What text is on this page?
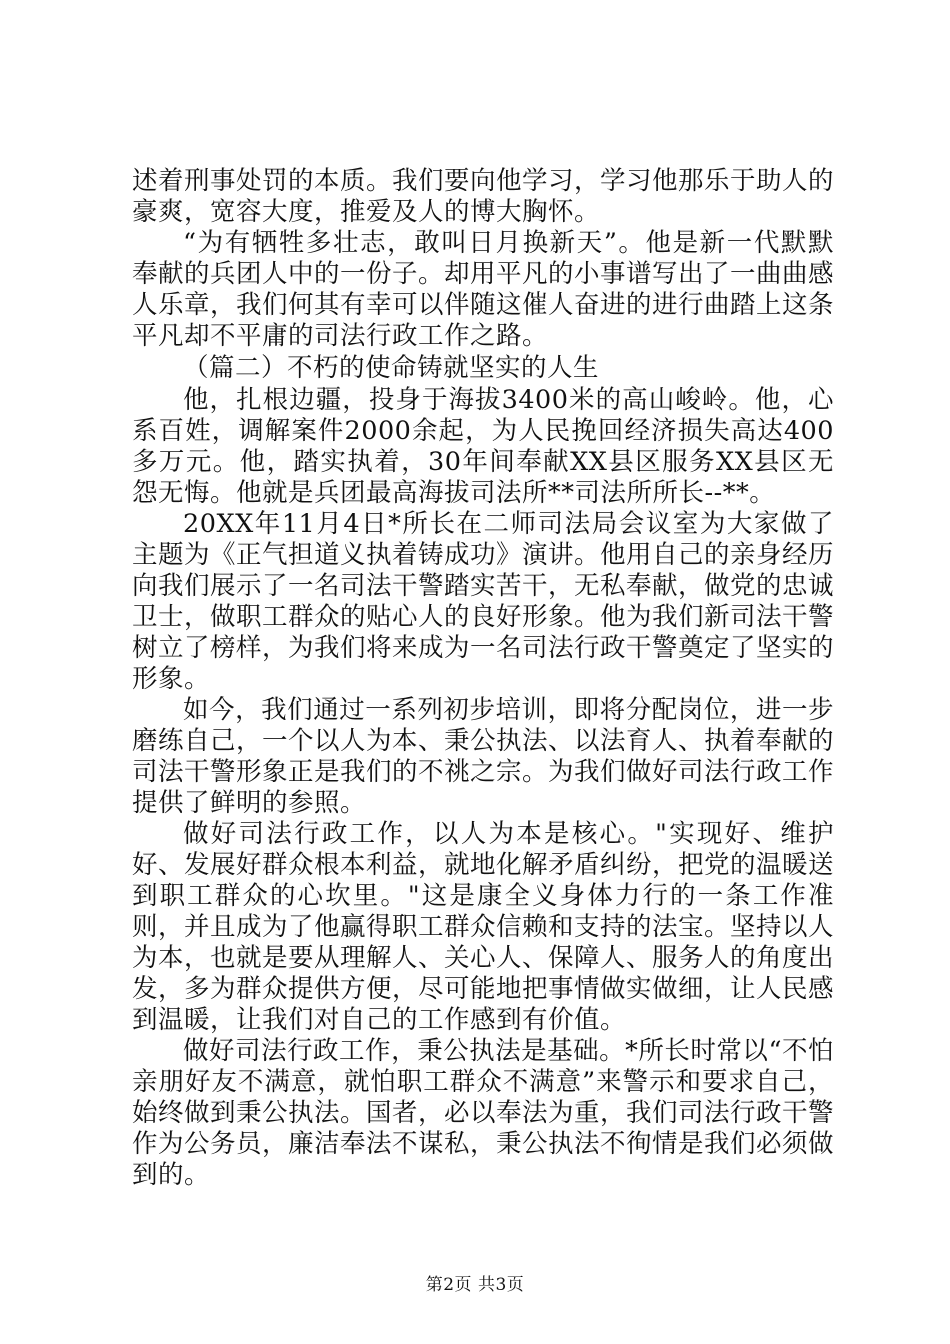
述着刑事处罚的本质。我们要向他学习，学习他那乐于助人的豪爽，宽容大度，推爱及人的博大胸怀。

“为有牺牲多壮志，敢叫日月换新天”。他是新一代默默奉献的兵团人中的一份子。却用平凡的小事谱写出了一曲曲感人乐章，我们何其有幸可以伴随这催人奋进的进行曲踏上这条平凡却不平庸的司法行政工作之路。

（篇二）不朽的使命铸就坚实的人生

他，扎根边疆，投身于海拔3400米的高山峻岭。他，心系百姓，调解案件2000余起，为人民挽回经济损失高达400多万元。他，踏实执着，30年间奉献XX县区服务XX县区无怨无悔。他就是兵团最高海拔司法所**司法所所长--**。

20XX年11月4日*所长在二师司法局会议室为大家做了主题为《正气担道义执着铸成功》演讲。他用自己的亲身经历向我们展示了一名司法干警踏实苦干，无私奉献，做党的忠诚卫士，做职工群众的贴心人的良好形象。他为我们新司法干警树立了榜样，为我们将来成为一名司法行政干警奠定了坚实的形象。

如今，我们通过一系列初步培训，即将分配岗位，进一步磨练自己，一个以人为本、秉公执法、以法育人、执着奉献的司法干警形象正是我们的不祧之宗。为我们做好司法行政工作提供了鲜明的参照。

做好司法行政工作，以人为本是核心。"实现好、维护好、发展好群众根本利益，就地化解矛盾纠纷，把党的温暖送到职工群众的心坎里。"这是康全义身体力行的一条工作准则，并且成为了他赢得职工群众信赖和支持的法宝。坚持以人为本，也就是要从理解人、关心人、保障人、服务人的角度出发，多为群众提供方便，尽可能地把事情做实做细，让人民感到温暖，让我们对自己的工作感到有价值。

做好司法行政工作，秉公执法是基础。*所长时常以“不怕亲朋好友不满意，就怕职工群众不满意”来警示和要求自己，始终做到秉公执法。国者，必以奉法为重，我们司法行政干警作为公务员，廉洁奉法不谋私，秉公执法不徇情是我们必须做到的。

第2页 共3页
